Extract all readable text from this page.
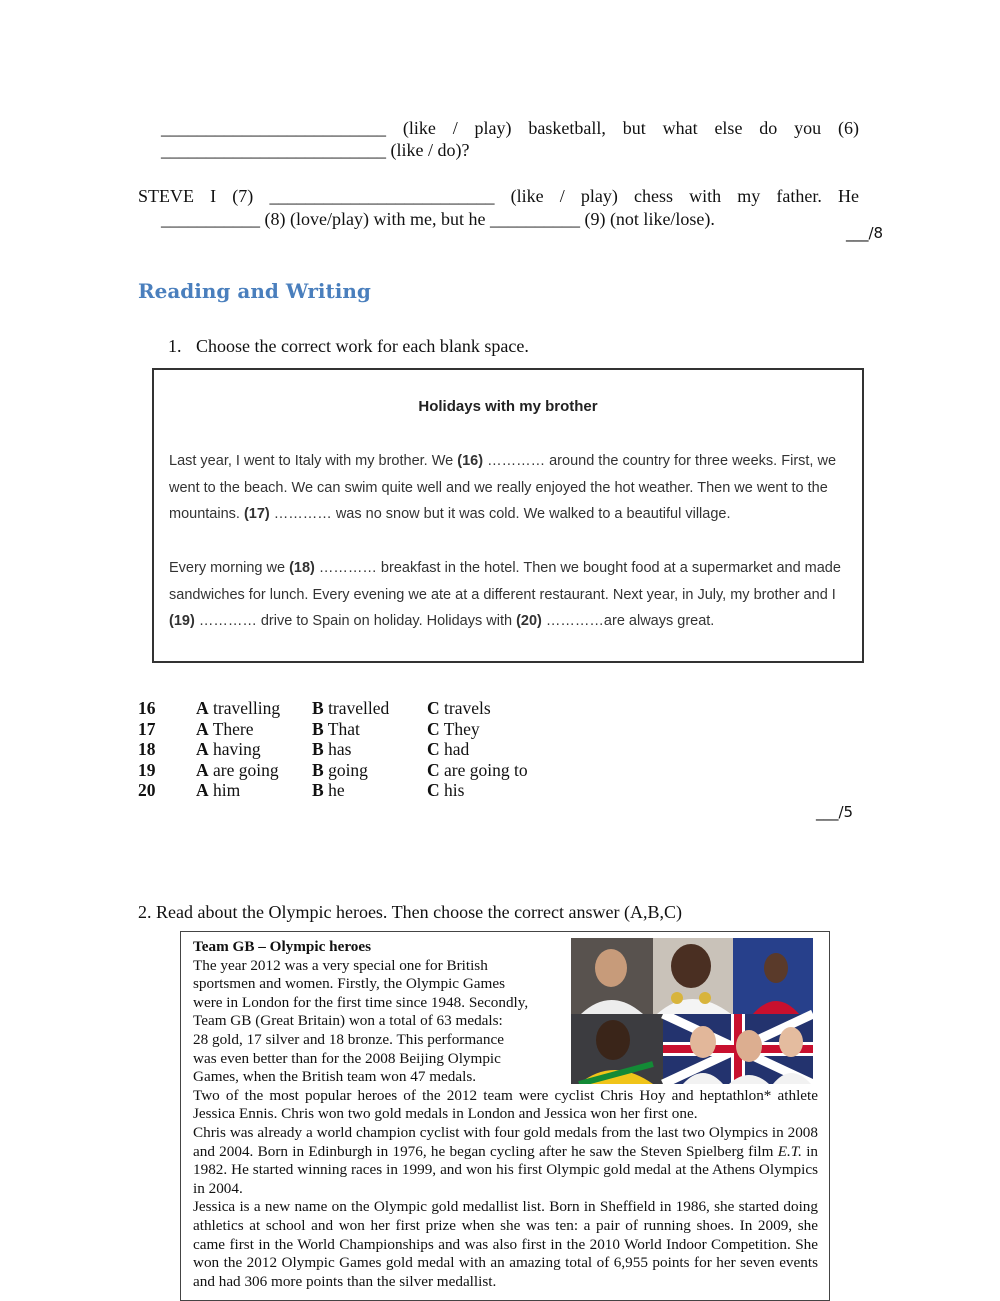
_________________________ (like / play) basketball, but what else do you (6)
_________________________ (like / do)?
STEVE I (7) _________________________ (like / play) chess with my father. He
___________ (8) (love/play) with me, but he __________ (9) (not like/lose).
___/8
Reading and Writing
1. Choose the correct work for each blank space.
Holidays with my brother
Last year, I went to Italy with my brother. We (16) ………… around the country for three weeks. First, we went to the beach. We can swim quite well and we really enjoyed the hot weather. Then we went to the mountains. (17) ………… was no snow but it was cold. We walked to a beautiful village.
Every morning we (18) ………… breakfast in the hotel. Then we bought food at a supermarket and made sandwiches for lunch. Every evening we ate at a different restaurant. Next year, in July, my brother and I (19) ………… drive to Spain on holiday. Holidays with (20) …………are always great.
16	A travelling	B travelled	C travels
17	A There	B That	C They
18	A having	B has	C had
19	A are going	B going	C are going to
20	A him	B he	C his
___/5
2. Read about the Olympic heroes. Then choose the correct answer (A,B,C)

Team GB – Olympic heroes

The year 2012 was a very special one for British

sportsmen and women. Firstly, the Olympic Games

were in London for the first time since 1948. Secondly,

Team GB (Great Britain) won a total of 63 medals:

28 gold, 17 silver and 18 bronze. This performance

was even better than for the 2008 Beijing Olympic

Games, when the British team won 47 medals.

Two of the most popular heroes of the 2012 team were cyclist Chris Hoy and heptathlon* athlete Jessica Ennis. Chris won two gold medals in London and Jessica won her first one.

Chris was already a world champion cyclist with four gold medals from the last two Olympics in 2008 and 2004. Born in Edinburgh in 1976, he began cycling after he saw the Steven Spielberg film E.T. in 1982. He started winning races in 1999, and won his first Olympic gold medal at the Athens Olympics in 2004.

Jessica is a new name on the Olympic gold medallist list. Born in Sheffield in 1986, she started doing athletics at school and won her first prize when she was ten: a pair of running shoes. In 2009, she came first in the World Championships and was also first in the 2010 World Indoor Competition. She won the 2012 Olympic Games gold medal with an amazing total of 6,955 points for her seven events and had 306 more points than the silver medallist.
